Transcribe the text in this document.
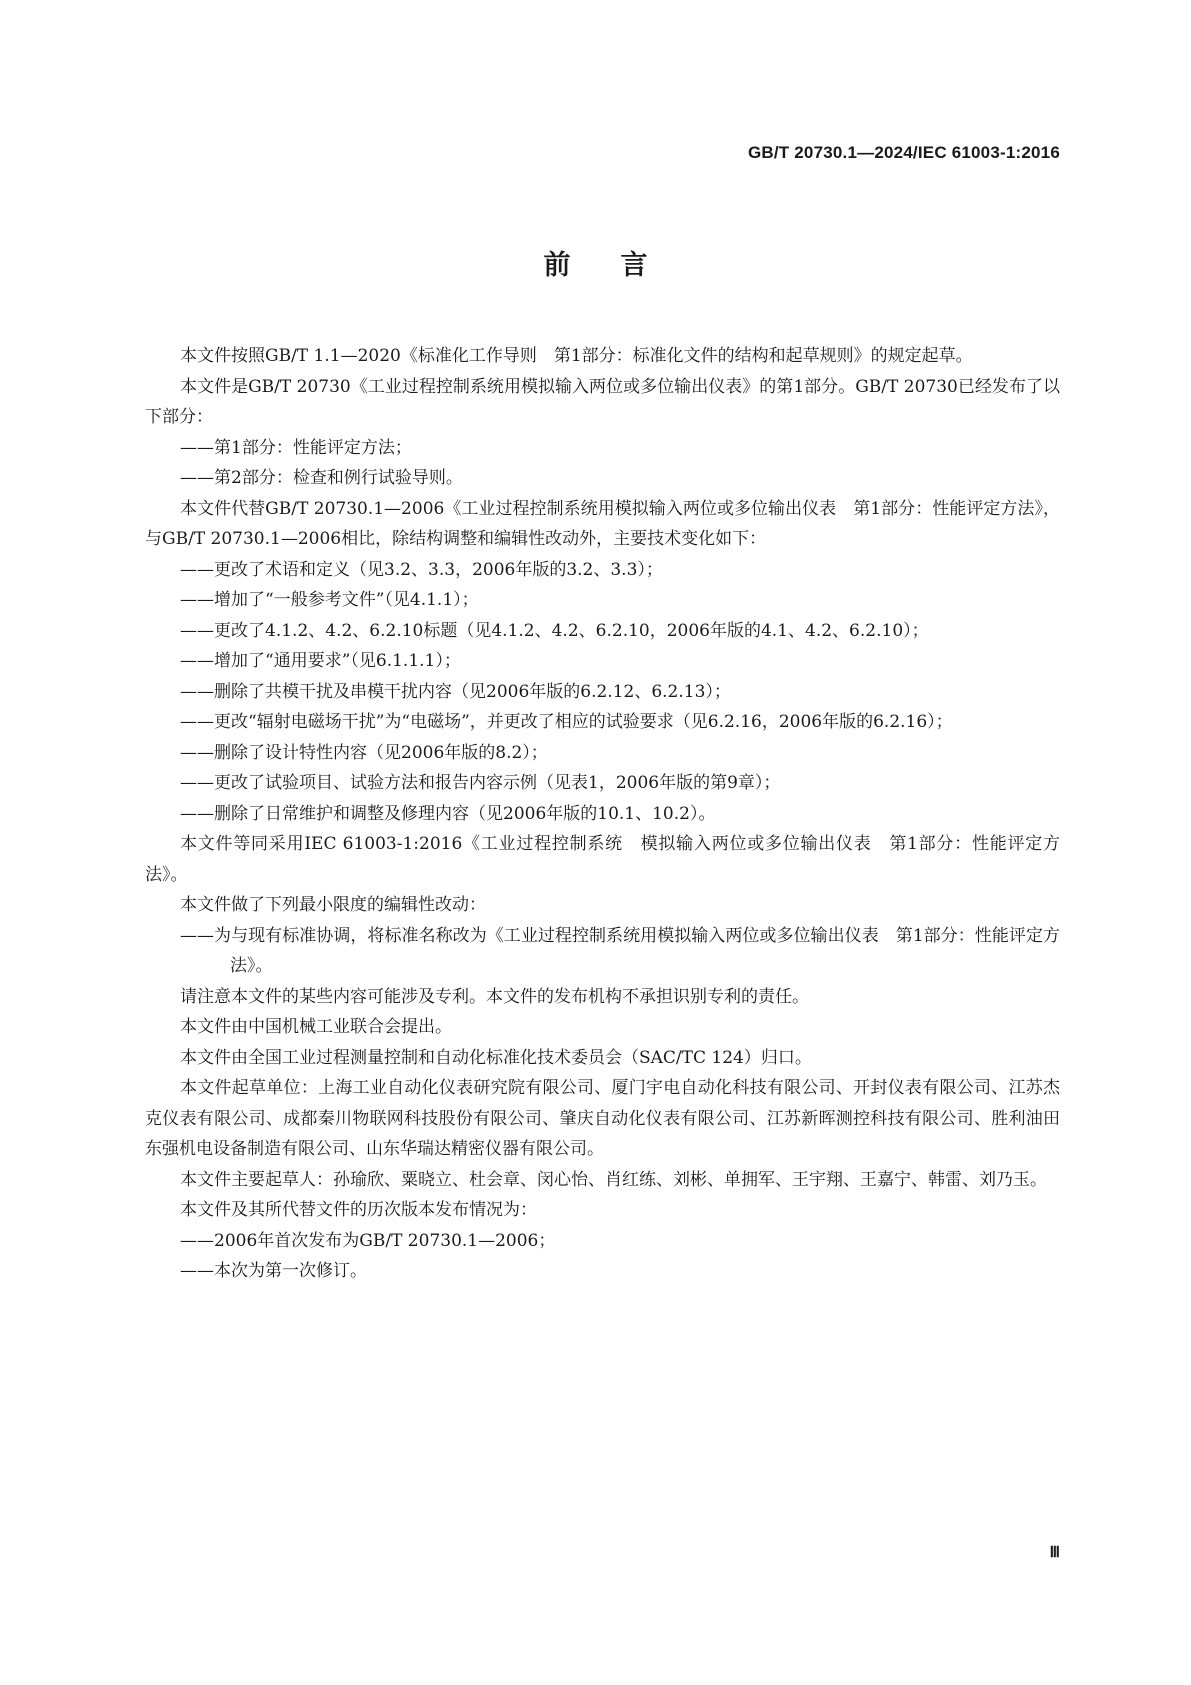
GB/T 20730.1—2024/IEC 61003-1:2016
前言
本文件按照GB/T 1.1—2020《标准化工作导则　第1部分：标准化文件的结构和起草规则》的规定起草。
本文件是GB/T 20730《工业过程控制系统用模拟输入两位或多位输出仪表》的第1部分。GB/T 20730已经发布了以下部分：
——第1部分：性能评定方法；
——第2部分：检查和例行试验导则。
本文件代替GB/T 20730.1—2006《工业过程控制系统用模拟输入两位或多位输出仪表　第1部分：性能评定方法》，与GB/T 20730.1—2006相比，除结构调整和编辑性改动外，主要技术变化如下：
——更改了术语和定义（见3.2、3.3，2006年版的3.2、3.3）；
——增加了“一般参考文件”（见4.1.1）；
——更改了4.1.2、4.2、6.2.10标题（见4.1.2、4.2、6.2.10，2006年版的4.1、4.2、6.2.10）；
——增加了“通用要求”（见6.1.1.1）；
——删除了共模干扰及串模干扰内容（见2006年版的6.2.12、6.2.13）；
——更改“辐射电磁场干扰”为“电磁场”，并更改了相应的试验要求（见6.2.16，2006年版的6.2.16）；
——删除了设计特性内容（见2006年版的8.2）；
——更改了试验项目、试验方法和报告内容示例（见表1，2006年版的第9章）；
——删除了日常维护和调整及修理内容（见2006年版的10.1、10.2）。
本文件等同采用IEC 61003-1:2016《工业过程控制系统　模拟输入两位或多位输出仪表　第1部分：性能评定方法》。
本文件做了下列最小限度的编辑性改动：
——为与现有标准协调，将标准名称改为《工业过程控制系统用模拟输入两位或多位输出仪表　第1部分：性能评定方法》。
请注意本文件的某些内容可能涉及专利。本文件的发布机构不承担识别专利的责任。
本文件由中国机械工业联合会提出。
本文件由全国工业过程测量控制和自动化标准化技术委员会（SAC/TC 124）归口。
本文件起草单位：上海工业自动化仪表研究院有限公司、厦门宇电自动化科技有限公司、开封仪表有限公司、江苏杰克仪表有限公司、成都秦川物联网科技股份有限公司、肇庆自动化仪表有限公司、江苏新晖测控科技有限公司、胜利油田东强机电设备制造有限公司、山东华瑞达精密仪器有限公司。
本文件主要起草人：孙瑜欣、粟晓立、杜会章、闵心怡、肖红练、刘彬、单拥军、王宇翔、王嘉宁、韩雷、刘乃玉。
本文件及其所代替文件的历次版本发布情况为：
——2006年首次发布为GB/T 20730.1—2006；
——本次为第一次修订。
Ⅲ
